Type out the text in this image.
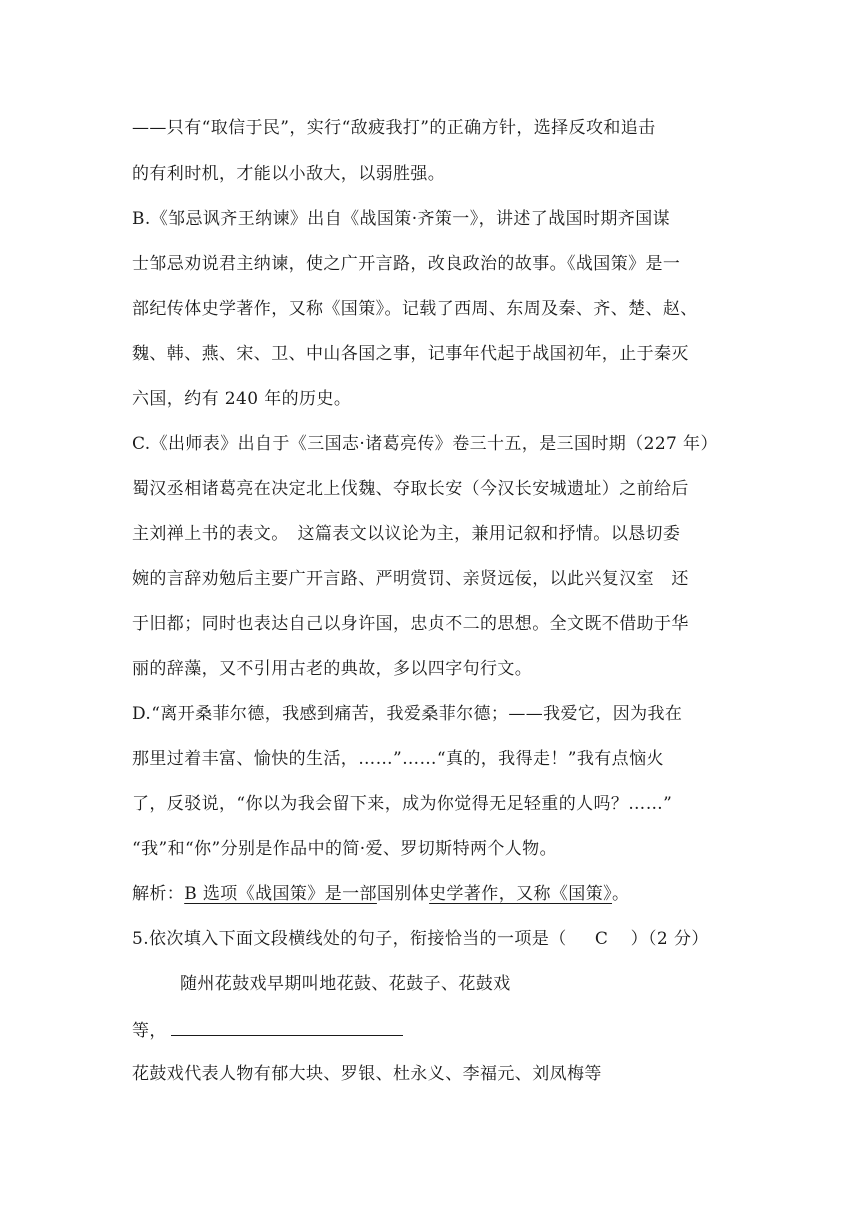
——只有“取信于民”，实行“敌疲我打”的正确方针，选择反攻和追击
的有利时机，才能以小敌大，以弱胜强。
B.《邹忌讽齐王纳谏》出自《战国策·齐策一》，讲述了战国时期齐国谋
士邹忌劝说君主纳谏，使之广开言路，改良政治的故事。《战国策》是一
部纪传体史学著作，又称《国策》。记载了西周、东周及秦、齐、楚、赵、
魏、韩、燕、宋、卫、中山各国之事，记事年代起于战国初年，止于秦灭
六国，约有 240 年的历史。
C.《出师表》出自于《三国志·诸葛亮传》卷三十五，是三国时期（227 年）
蜀汉丞相诸葛亮在决定北上伐魏、夺取长安（今汉长安城遗址）之前给后
主刘禅上书的表文。　这篇表文以议论为主，兼用记叙和抒情。以恳切委
婉的言辞劝勉后主要广开言路、严明赏罚、亲贤远佞，以此兴复汉室　还
于旧都；同时也表达自己以身许国，忠贞不二的思想。全文既不借助于华
丽的辞藻，又不引用古老的典故，多以四字句行文。
D.“离开桑菲尔德，我感到痛苦，我爱桑菲尔德；——我爱它，因为我在
那里过着丰富、愉快的生活，……”……“真的，我得走！”我有点恼火
了，反驳说，“你以为我会留下来，成为你觉得无足轻重的人吗？……”
“我”和“你”分别是作品中的简·爱、罗切斯特两个人物。
解析：B 选项《战国策》是一部国别体史学著作，又称《国策》。
5.依次填入下面文段横线处的句子，衔接恰当的一项是（ C ）（2 分）
随州花鼓戏早期叫地花鼓、花鼓子、花鼓戏
等，
花鼓戏代表人物有郁大块、罗银、杜永义、李福元、刘凤梅等
